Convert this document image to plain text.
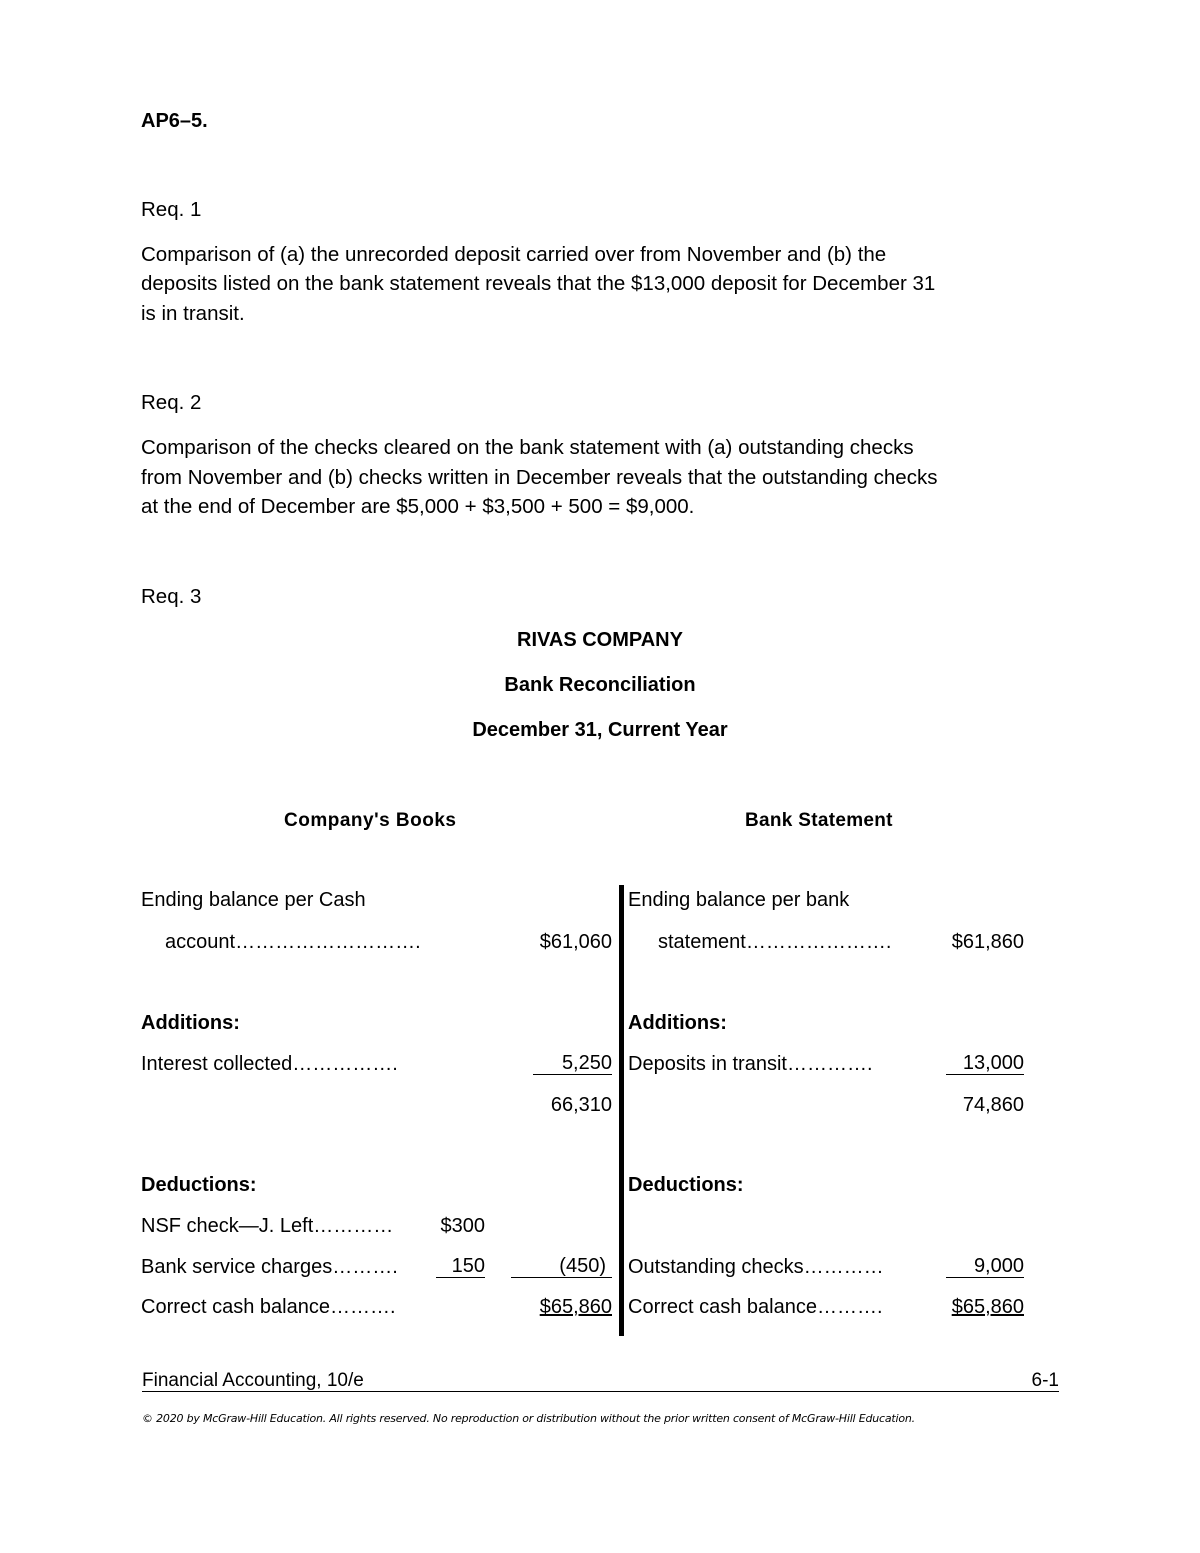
AP6–5.
Req. 1
Comparison of (a) the unrecorded deposit carried over from November and (b) the
deposits listed on the bank statement reveals that the $13,000 deposit for December 31
is in transit.
Req. 2
Comparison of the checks cleared on the bank statement with (a) outstanding checks
from November and (b) checks written in December reveals that the outstanding checks
at the end of December are $5,000 + $3,500 + 500 = $9,000.
Req. 3
RIVAS COMPANY
Bank Reconciliation
December 31, Current Year
Company's Books	Bank Statement
Ending balance per Cash
account……………………….	$61,060
Additions:
Interest collected…………….	5,250
66,310
Deductions:
NSF check—J. Left…………	$300
Bank service charges……….	150	(450)
Correct cash balance……….	$65,860
Ending balance per bank
statement………………….	$61,860
Additions:
Deposits in transit………….	13,000
74,860
Deductions:
Outstanding checks…………	9,000
Correct cash balance……….	$65,860
Financial Accounting, 10/e	6-1
© 2020 by McGraw-Hill Education. All rights reserved. No reproduction or distribution without the prior written consent of McGraw-Hill Education.
